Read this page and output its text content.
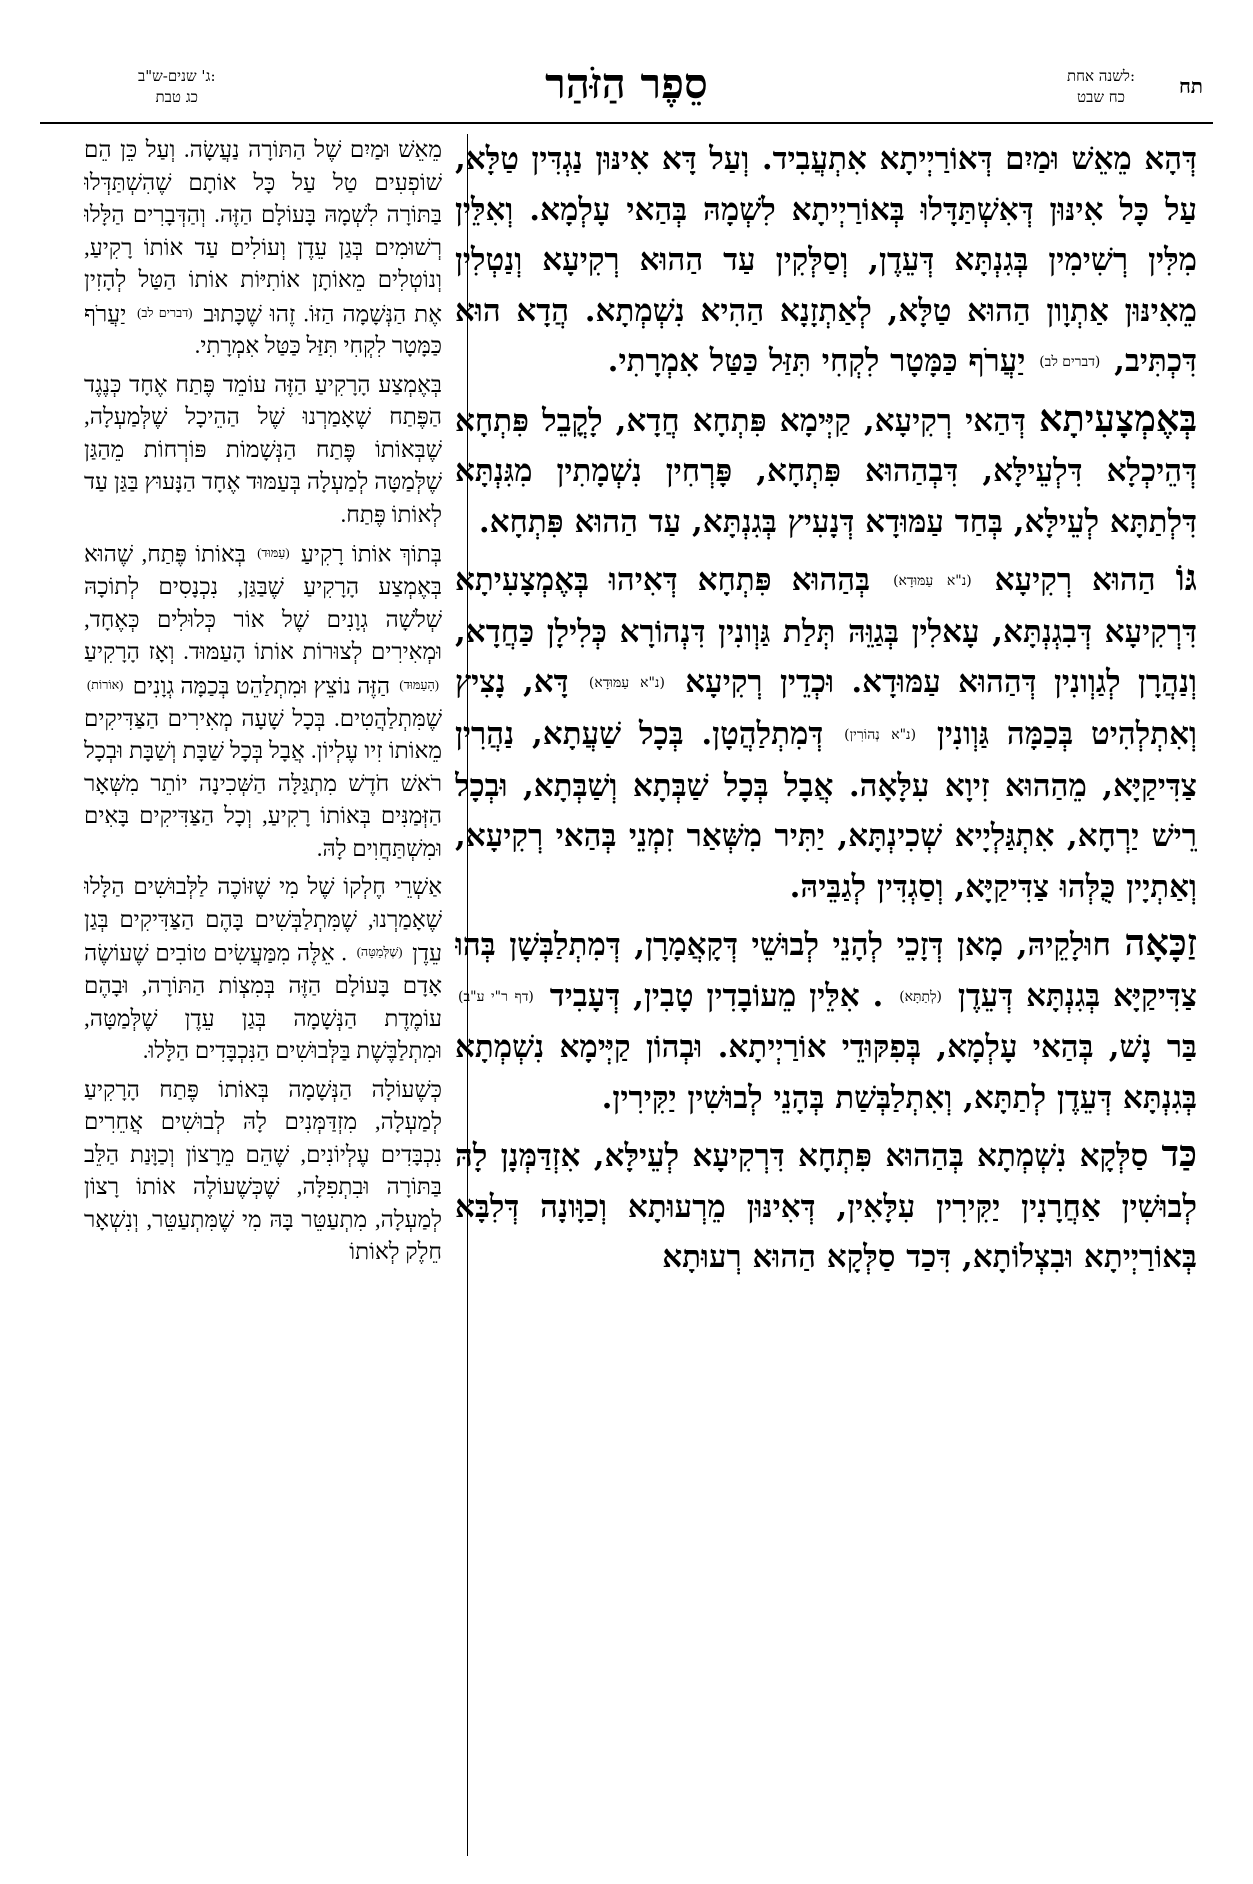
תח
לשנה אחת:
כח שבט
סֵפֶר הַזֹּהַר
ג' שנים-ש"ב:
כג טבת

דְּהָא מֵאֵשׁ וּמַיִם דְּאוֹרַיְיתָא אִתְעֲבִיד. וְעַל דָּא אִינּוּן נַגְדִּין טַלָּא, עַל כָּל אִינּוּן דְּאִשְׁתַּדָּלוּ בְּאוֹרַיְיתָא לִשְׁמָהּ בְּהַאי עָלְמָא. וְאִלֵּין מִלִּין רְשִׁימִין בְּגִנְתָּא דְּעֵדֶן, וְסַלְּקִין עַד הַהוּא רְקִיעָא וְנַטְלִין מֵאִינּוּן אַתְוָון הַהוּא טַלָּא, לְאַתְזָנָא הַהִיא נִשְׁמְתָא. הֲדָא הוּא דִּכְתִּיב, (דברים לב) יַעֲרֹף כַּמָּטָר לִקְחִי תִּזַּל כַּטַּל אִמְרָתִי.

בְּאֶמְצָעִיתָא דְּהַאי רְקִיעָא, קַיְּימָא פִּתְחָא חֲדָא, לָקֳבֵל פִּתְחָא דְּהֵיכְלָא דִּלְעֵילָּא, דִּבְהַהוּא פִּתְחָא, פָּרְחִין נִשְׁמָתִין מִגִּנְתָּא דִּלְתַתָּא לְעֵילָּא, בְּחַד עַמּוּדָא דְּנָעִיץ בְּגִנְתָּא, עַד הַהוּא פִּתְחָא.

גּוֹ הַהוּא רְקִיעָא (נ"א עַמּוּדָא) בְּהַהוּא פִּתְחָא דְּאִיהוּ בְּאֶמְצָעִיתָא דִּרְקִיעָא דְּבִגְנְתָּא, עָאלִין בְּגַוֵּהּ תְּלַת גַּוְונִין דִּנְהוֹרָא כְּלִילָן כַּחֲדָא, וְנַהֲרָן לְגַוְונִין דְּהַהוּא עַמּוּדָא. וּכְדֵין רְקִיעָא (נ"א עַמּוּדָא) דָּא, נָצִיץ וְאִתְלְהִיט בְּכַמָּה גַּוְונִין (נ"א נְהוֹרִין) דְּמִתְלַהֲטָן. בְּכָל שַׁעֲתָא, נַהֲרִין צַדִּיקַיָּא, מֵהַהוּא זִיוָא עִלָּאָה. אֲבָל בְּכָל שַׁבְּתָא וְשַׁבְּתָא, וּבְכָל רֵישׁ יַרְחָא, אִתְגַּלְיָיא שְׁכִינְתָּא, יַתִּיר מִשְּׁאַר זִמְנֵי בְּהַאי רְקִיעָא, וְאַתְיָין כֻּלְּהוּ צַדִּיקַיָּא, וְסַגְדִּין לְגַבֵּיהּ.

זַכָּאָה חוּלָקֵיהּ, מָאן דְּזָכֵי לְהָנֵי לְבוּשֵׁי דְּקָאֲמָרָן, דְּמִתְלַבְּשָׁן בְּהוּ צַדִּיקַיָּא בְּגִנְתָּא דְּעֵדֶן (לְתַתָּא) . אִלֵּין מֵעוֹבָדִין טָבִין, דְּעָבִיד (דף ר"י ע"ב) בַּר נָשׁ, בְּהַאי עָלְמָא, בְּפִקּוּדֵי אוֹרַיְיתָא. וּבְהוֹן קַיְּימָא נִשְׁמְתָא בְּגִנְתָּא דְּעֵדֶן לְתַתָּא, וְאִתְלַבְּשַׁת בְּהָנֵי לְבוּשִׁין יַקִּירִין.

כַּד סַלְּקָא נִשְׁמְתָא בְּהַהוּא פִּתְחָא דִּרְקִיעָא לְעֵילָּא, אִזְדַּמְּנָן לָהּ לְבוּשִׁין אַחֲרָנִין יַקִּירִין עִלָּאִין, דְּאִינּוּן מֵרְעוּתָא וְכַוָּונָה דְּלִבָּא בְּאוֹרַיְיתָא וּבִצְלוֹתָא, דִּכַד סַלְּקָא הַהוּא רְעוּתָא

מֵאֵשׁ וּמַיִם שֶׁל הַתּוֹרָה נַעֲשָׂה. וְעַל כֵּן הֵם שׁוֹפְעִים טַל עַל כָּל אוֹתָם שֶׁהִשְׁתַּדְּלוּ בַּתּוֹרָה לִשְׁמָהּ בָּעוֹלָם הַזֶּה. וְהַדְּבָרִים הַלָּלוּ רְשׁוּמִים בְּגַן עֵדֶן וְעוֹלִים עַד אוֹתוֹ רָקִיעַ, וְנוֹטְלִים מֵאוֹתָן אוֹתִיּוֹת אוֹתוֹ הַטַּל לְהָזִין אֶת הַנְּשָׁמָה הַזּוֹ. זֶהוּ שֶׁכָּתוּב (דברים לב) יַעֲרֹף כַּמָּטָר לִקְחִי תִּזַּל כַּטַּל אִמְרָתִי.

בְּאֶמְצַע הָרָקִיעַ הַזֶּה עוֹמֵד פֶּתַח אֶחָד כְּנֶגֶד הַפֶּתַח שֶׁאָמַרְנוּ שֶׁל הַהֵיכָל שֶׁלְּמַעְלָה, שֶׁבְּאוֹתוֹ פֶּתַח הַנְּשָׁמוֹת פּוֹרְחוֹת מֵהַגַּן שֶׁלְּמַטָּה לְמַעְלָה בְּעַמּוּד אֶחָד הַנָּעוּץ בַּגַּן עַד לְאוֹתוֹ פֶּתַח.

בְּתוֹךְ אוֹתוֹ רָקִיעַ (עַמּוּד) בְּאוֹתוֹ פֶּתַח, שֶׁהוּא בְּאֶמְצַע הָרָקִיעַ שֶׁבַּגַּן, נִכְנָסִים לְתוֹכָהּ שְׁלֹשָׁה גְוָנִים שֶׁל אוֹר כְּלוּלִים כְּאֶחָד, וּמְאִירִים לְצוּרוֹת אוֹתוֹ הָעַמּוּד. וְאָז הָרָקִיעַ (הָעַמּוּד) הַזֶּה נוֹצֵץ וּמִתְלַהֵט בְּכַמָּה גְוָנִים (אוֹרוֹת) שֶׁמִּתְלַהֲטִים. בְּכָל שָׁעָה מְאִירִים הַצַּדִּיקִים מֵאוֹתוֹ זִיו עֶלְיוֹן. אֲבָל בְּכָל שַׁבָּת וְשַׁבָּת וּבְכָל רֹאשׁ חֹדֶשׁ מִתְגַּלָּה הַשְּׁכִינָה יוֹתֵר מִשְּׁאָר הַזְּמַנִּים בְּאוֹתוֹ רָקִיעַ, וְכָל הַצַּדִּיקִים בָּאִים וּמִשְׁתַּחֲוִים לָהּ.

אַשְׁרֵי חֶלְקוֹ שֶׁל מִי שֶׁזּוֹכֶה לַלְּבוּשִׁים הַלָּלוּ שֶׁאָמַרְנוּ, שֶׁמִּתְלַבְּשִׁים בָּהֶם הַצַּדִּיקִים בְּגַן עֵדֶן (שֶׁלְּמַטָּה) . אֵלֶּה מִמַּעֲשִׂים טוֹבִים שֶׁעוֹשֶׂה אָדָם בָּעוֹלָם הַזֶּה בְּמִצְוֹת הַתּוֹרָה, וּבָהֶם עוֹמֶדֶת הַנְּשָׁמָה בְּגַן עֵדֶן שֶׁלְּמַטָּה, וּמִתְלַבֶּשֶׁת בַּלְּבוּשִׁים הַנִּכְבָּדִים הַלָּלוּ.

כְּשֶׁעוֹלָה הַנְּשָׁמָה בְּאוֹתוֹ פֶּתַח הָרָקִיעַ לְמַעְלָה, מִזְדַּמְּנִים לָהּ לְבוּשִׁים אֲחֵרִים נִכְבָּדִים עֶלְיוֹנִים, שֶׁהֵם מֵרָצוֹן וְכַוָּנַת הַלֵּב בַּתּוֹרָה וּבִתְפִלָּה, שֶׁכְּשֶׁעוֹלֶה אוֹתוֹ רָצוֹן לְמַעְלָה, מִתְעַטֵּר בָּהּ מִי שֶׁמִּתְעַטֵּר, וְנִשְׁאָר חֵלֶק לְאוֹתוֹ
